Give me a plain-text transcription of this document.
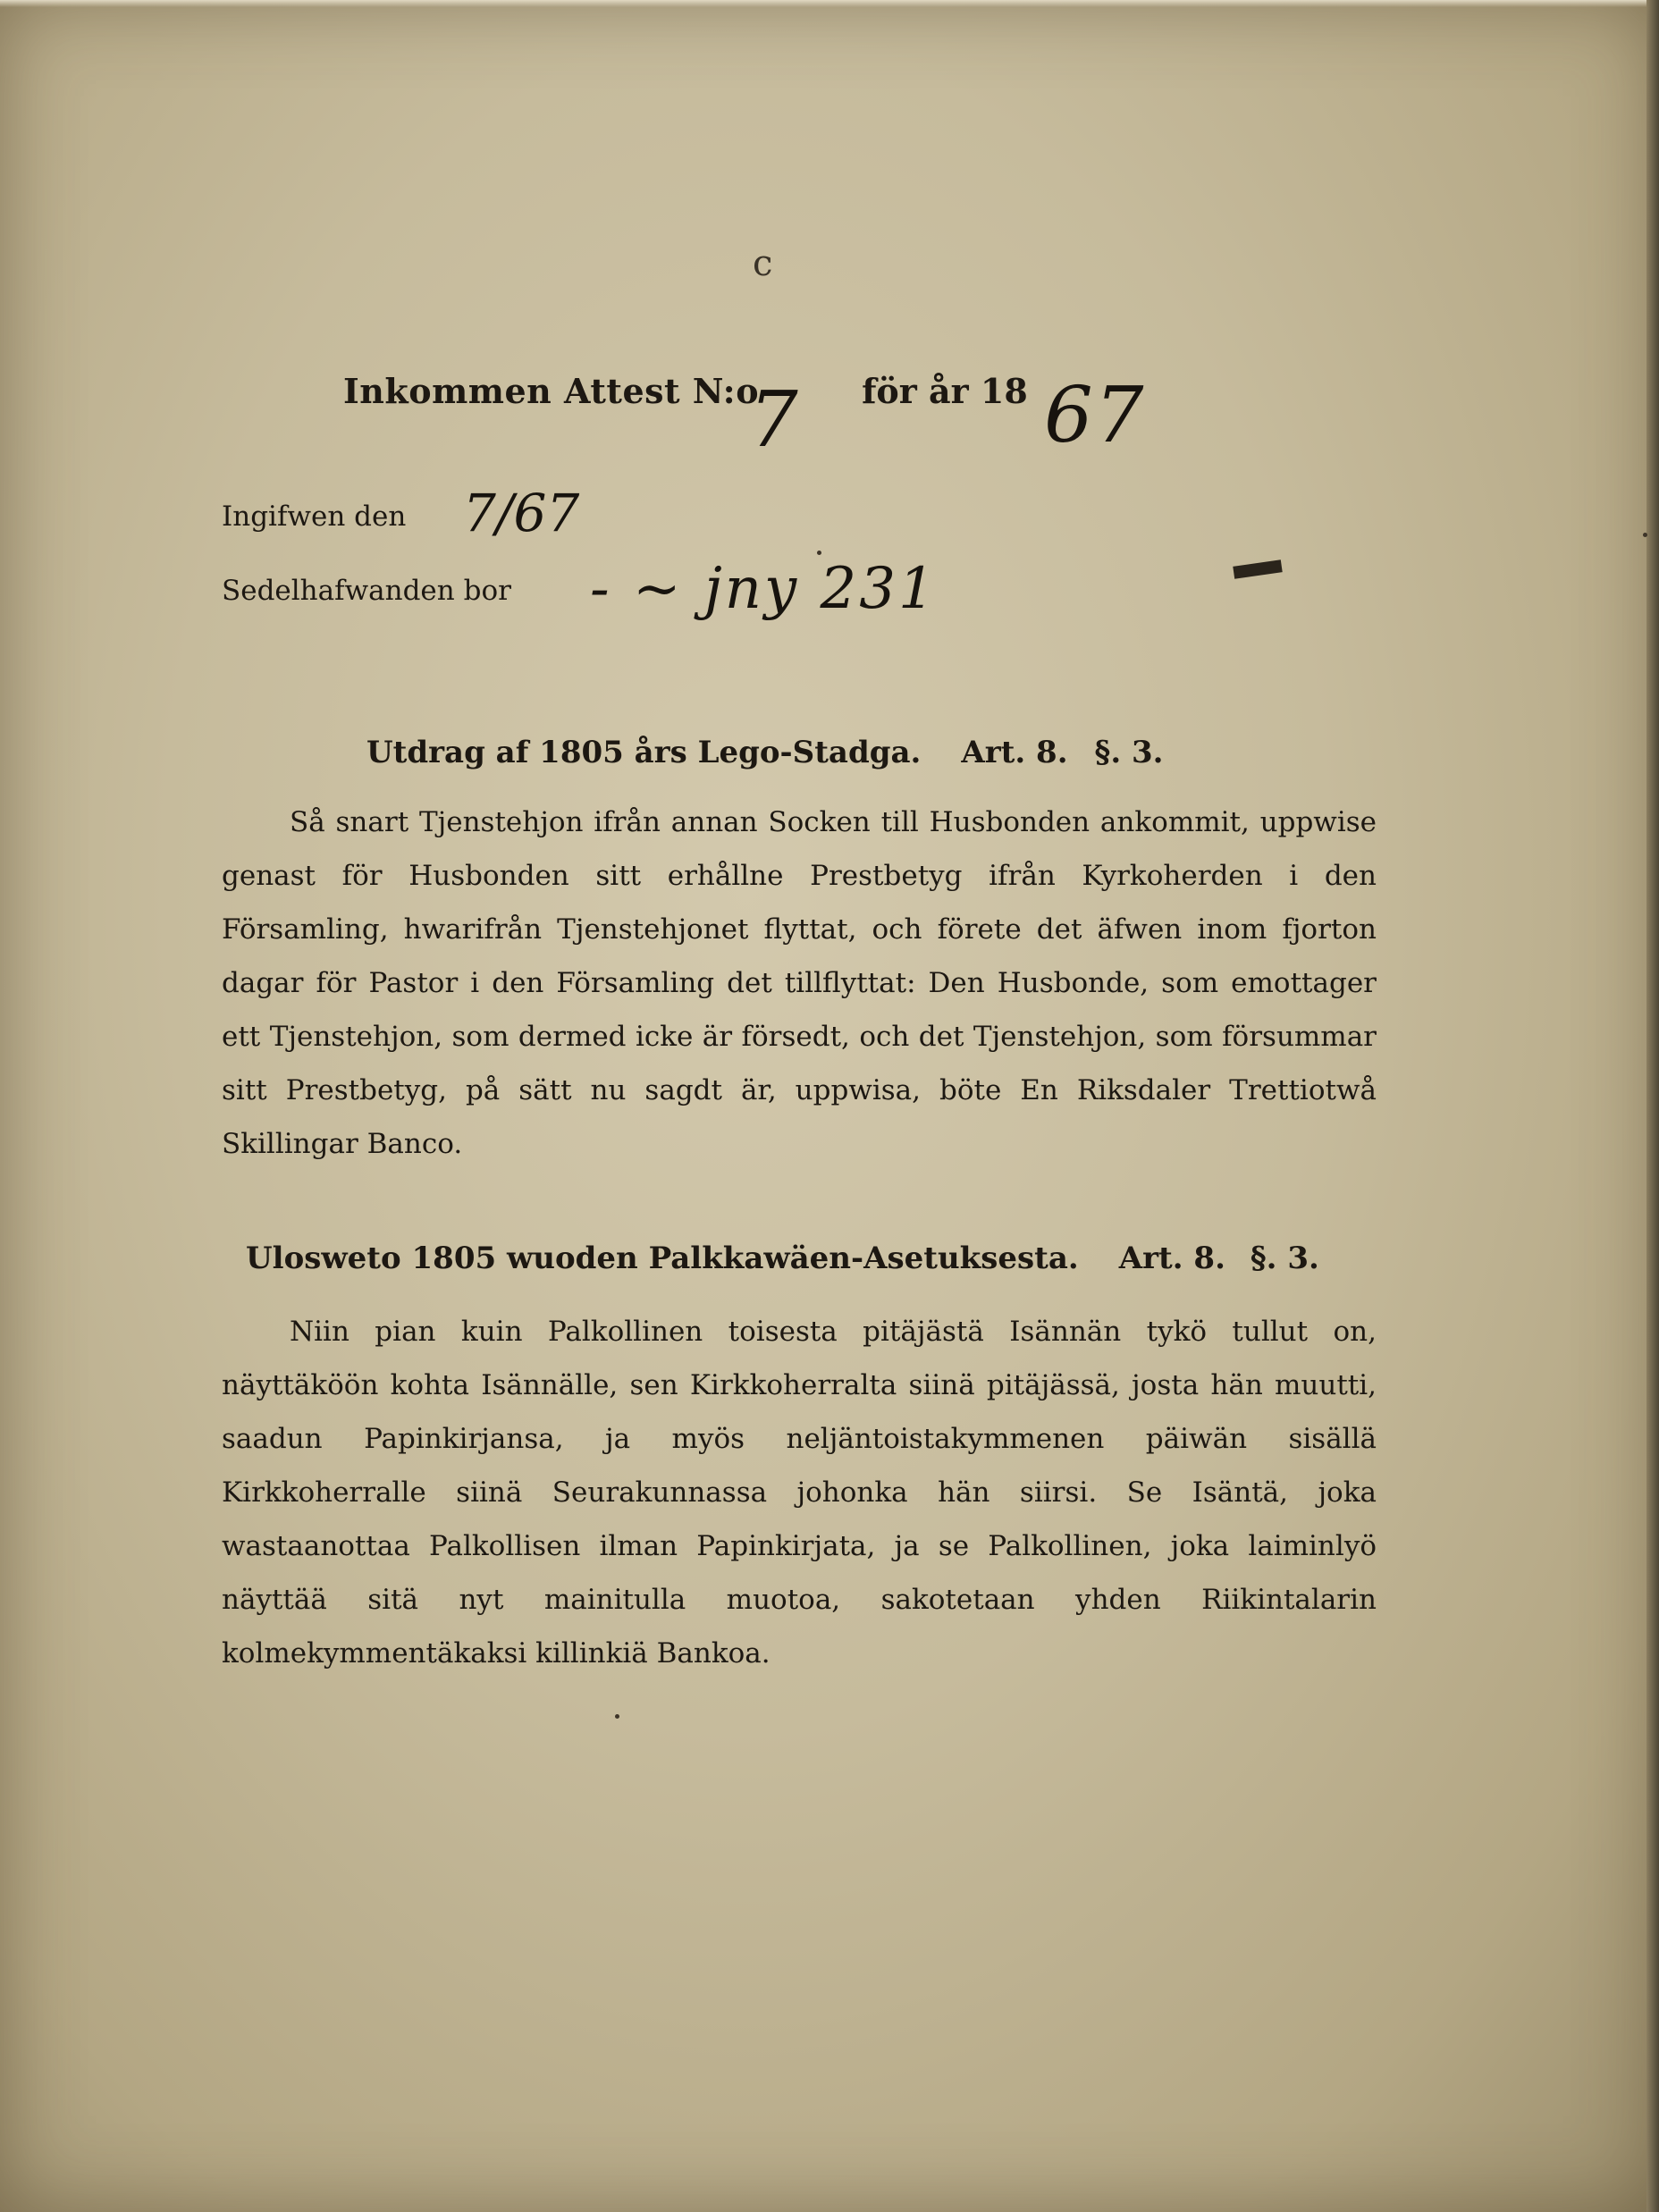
c
Inkommen Attest N:o	för år 18
7	67
Ingifwen den 7/67
Sedelhafwanden bor - ~ jny 231
Utdrag af 1805 års Lego-Stadga. Art. 8. §. 3.
Så snart Tjenstehjon ifrån annan Socken till Husbonden ankommit, uppwise genast för Husbonden sitt erhållne Prestbetyg ifrån Kyrkoherden i den Församling, hwarifrån Tjenstehjonet flyttat, och förete det äfwen inom fjorton dagar för Pastor i den Församling det tillflyttat: Den Husbonde, som emottager ett Tjenstehjon, som dermed icke är försedt, och det Tjenstehjon, som försummar sitt Prestbetyg, på sätt nu sagdt är, uppwisa, böte En Riksdaler Trettiotwå Skillingar Banco.
Ulosweto 1805 wuoden Palkkawäen-Asetuksesta. Art. 8. §. 3.
Niin pian kuin Palkollinen toisesta pitäjästä Isännän tykö tullut on, näyttäköön kohta Isännälle, sen Kirkkoherralta siinä pitäjässä, josta hän muutti, saadun Papinkirjansa, ja myös neljäntoistakymmenen päiwän sisällä Kirkkoherralle siinä Seurakunnassa johonka hän siirsi. Se Isäntä, joka wastaanottaa Palkollisen ilman Papinkirjata, ja se Palkollinen, joka laiminlyö näyttää sitä nyt mainitulla muotoa, sakotetaan yhden Riikintalarin kolmekymmentäkaksi killinkiä Bankoa.
